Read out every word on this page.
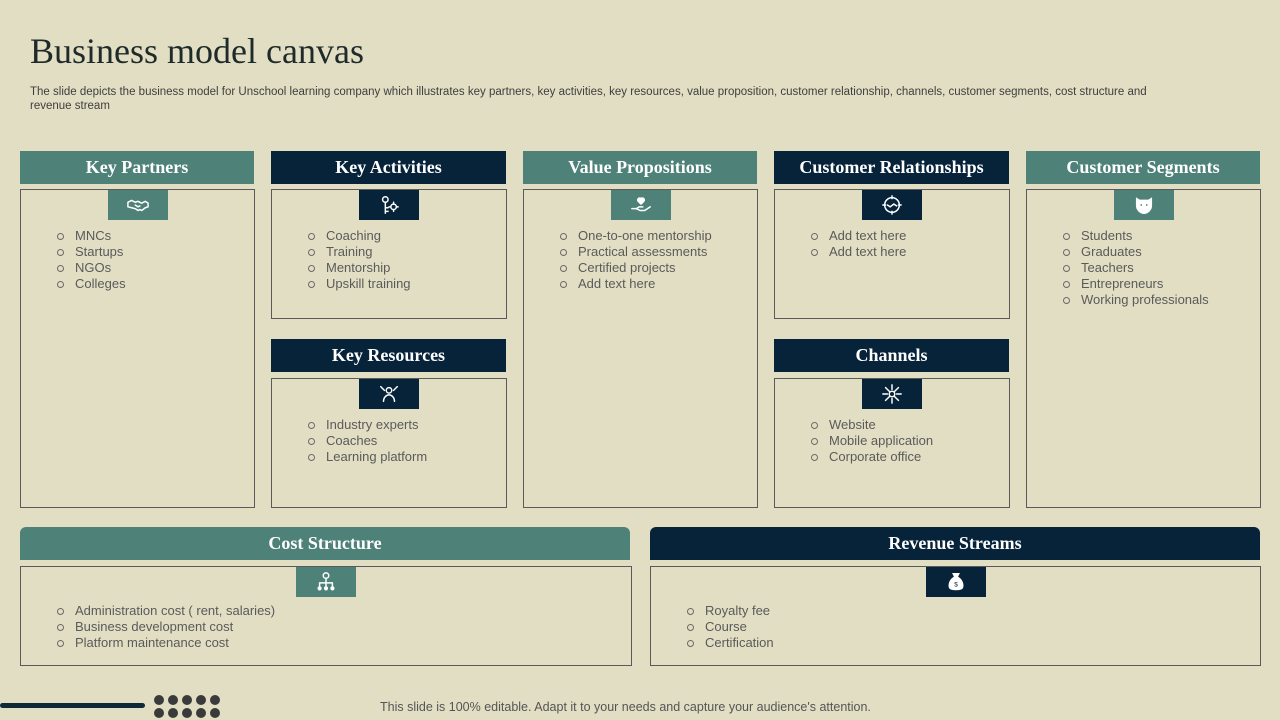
Business model canvas

The slide depicts the business model for Unschool learning company which illustrates key partners, key activities, key resources, value proposition, customer relationship, channels, customer segments, cost structure and revenue stream

Key Partners
MNCs
Startups
NGOs
Colleges
Key Activities
Coaching
Training
Mentorship
Upskill training
Key Resources
Industry experts
Coaches
Learning platform
Value Propositions
One-to-one mentorship
Practical assessments
Certified projects
Add text here
Customer Relationships
Add text here
Add text here
Channels
Website
Mobile application
Corporate office
Customer Segments
Students
Graduates
Teachers
Entrepreneurs
Working professionals
Cost Structure
Administration cost ( rent, salaries)
Business development cost
Platform maintenance cost
Revenue Streams
$
Royalty fee
Course
Certification
This slide is 100% editable. Adapt it to your needs and capture your audience's attention.
